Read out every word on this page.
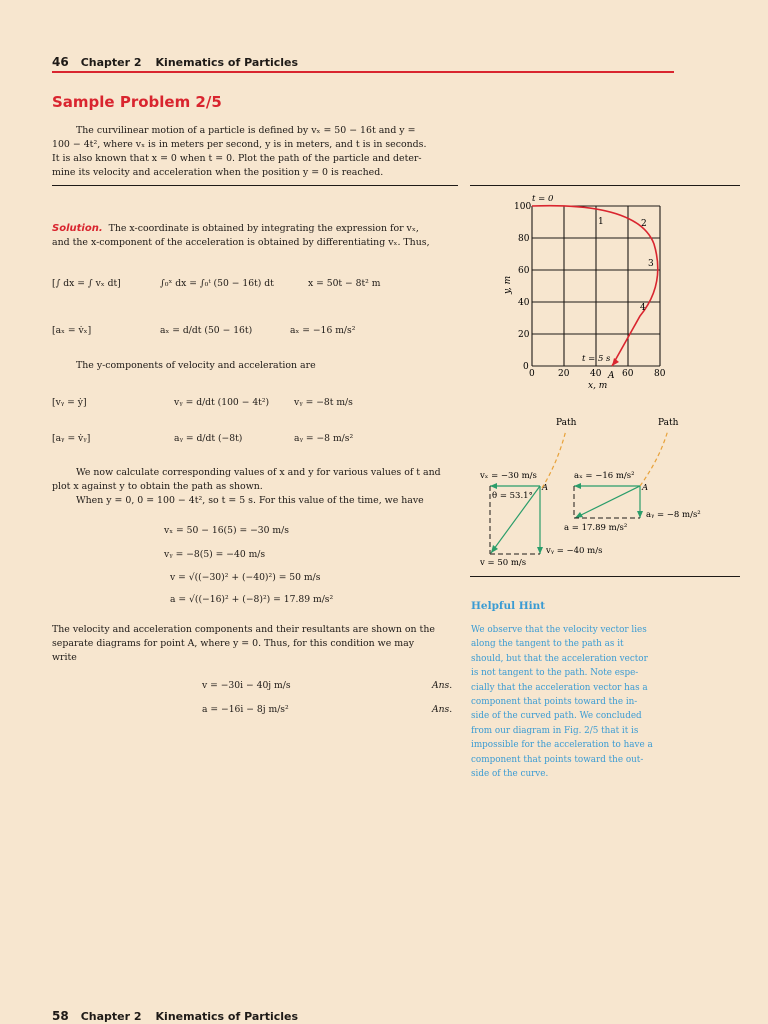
46 Chapter 2 Kinematics of Particles
Sample Problem 2/5
The curvilinear motion of a particle is defined by vₓ = 50 − 16t and y =
100 − 4t², where vₓ is in meters per second, y is in meters, and t is in seconds.
It is also known that x = 0 when t = 0. Plot the path of the particle and deter-
mine its velocity and acceleration when the position y = 0 is reached.
Solution. The x-coordinate is obtained by integrating the expression for vₓ,
and the x-component of the acceleration is obtained by differentiating vₓ. Thus,
[∫ dx = ∫ vₓ dt]	∫₀ˣ dx = ∫₀ᵗ (50 − 16t) dt	x = 50t − 8t² m
[aₓ = v̇ₓ]	aₓ = d/dt (50 − 16t)	aₓ = −16 m/s²
The y-components of velocity and acceleration are
[vᵧ = ẏ]	vᵧ = d/dt (100 − 4t²)	vᵧ = −8t m/s
[aᵧ = v̇ᵧ]	aᵧ = d/dt (−8t)	aᵧ = −8 m/s²
We now calculate corresponding values of x and y for various values of t and
plot x against y to obtain the path as shown.
When y = 0, 0 = 100 − 4t², so t = 5 s. For this value of the time, we have
vₓ = 50 − 16(5) = −30 m/s
vᵧ = −8(5) = −40 m/s
v = √((−30)² + (−40)²) = 50 m/s
a = √((−16)² + (−8)²) = 17.89 m/s²
The velocity and acceleration components and their resultants are shown on the
separate diagrams for point A, where y = 0. Thus, for this condition we may
write
v = −30i − 40j m/s	Ans.
a = −16i − 8j m/s²	Ans.
100
80
60
40
20
0
0	20 40 60 80
x, m
y, m
t = 0
t = 5 s
A
1	2
3
4
Path	Path
vₓ = −30 m/s
θ = 53.1°
A
vᵧ = −40 m/s
v = 50 m/s
aₓ = −16 m/s²
A
aᵧ = −8 m/s²
a = 17.89 m/s²
Helpful Hint
We observe that the velocity vector lies
along the tangent to the path as it
should, but that the acceleration vector
is not tangent to the path. Note espe-
cially that the acceleration vector has a
component that points toward the in-
side of the curved path. We concluded
from our diagram in Fig. 2/5 that it is
impossible for the acceleration to have a
component that points toward the out-
side of the curve.
58 Chapter 2 Kinematics of Particles
